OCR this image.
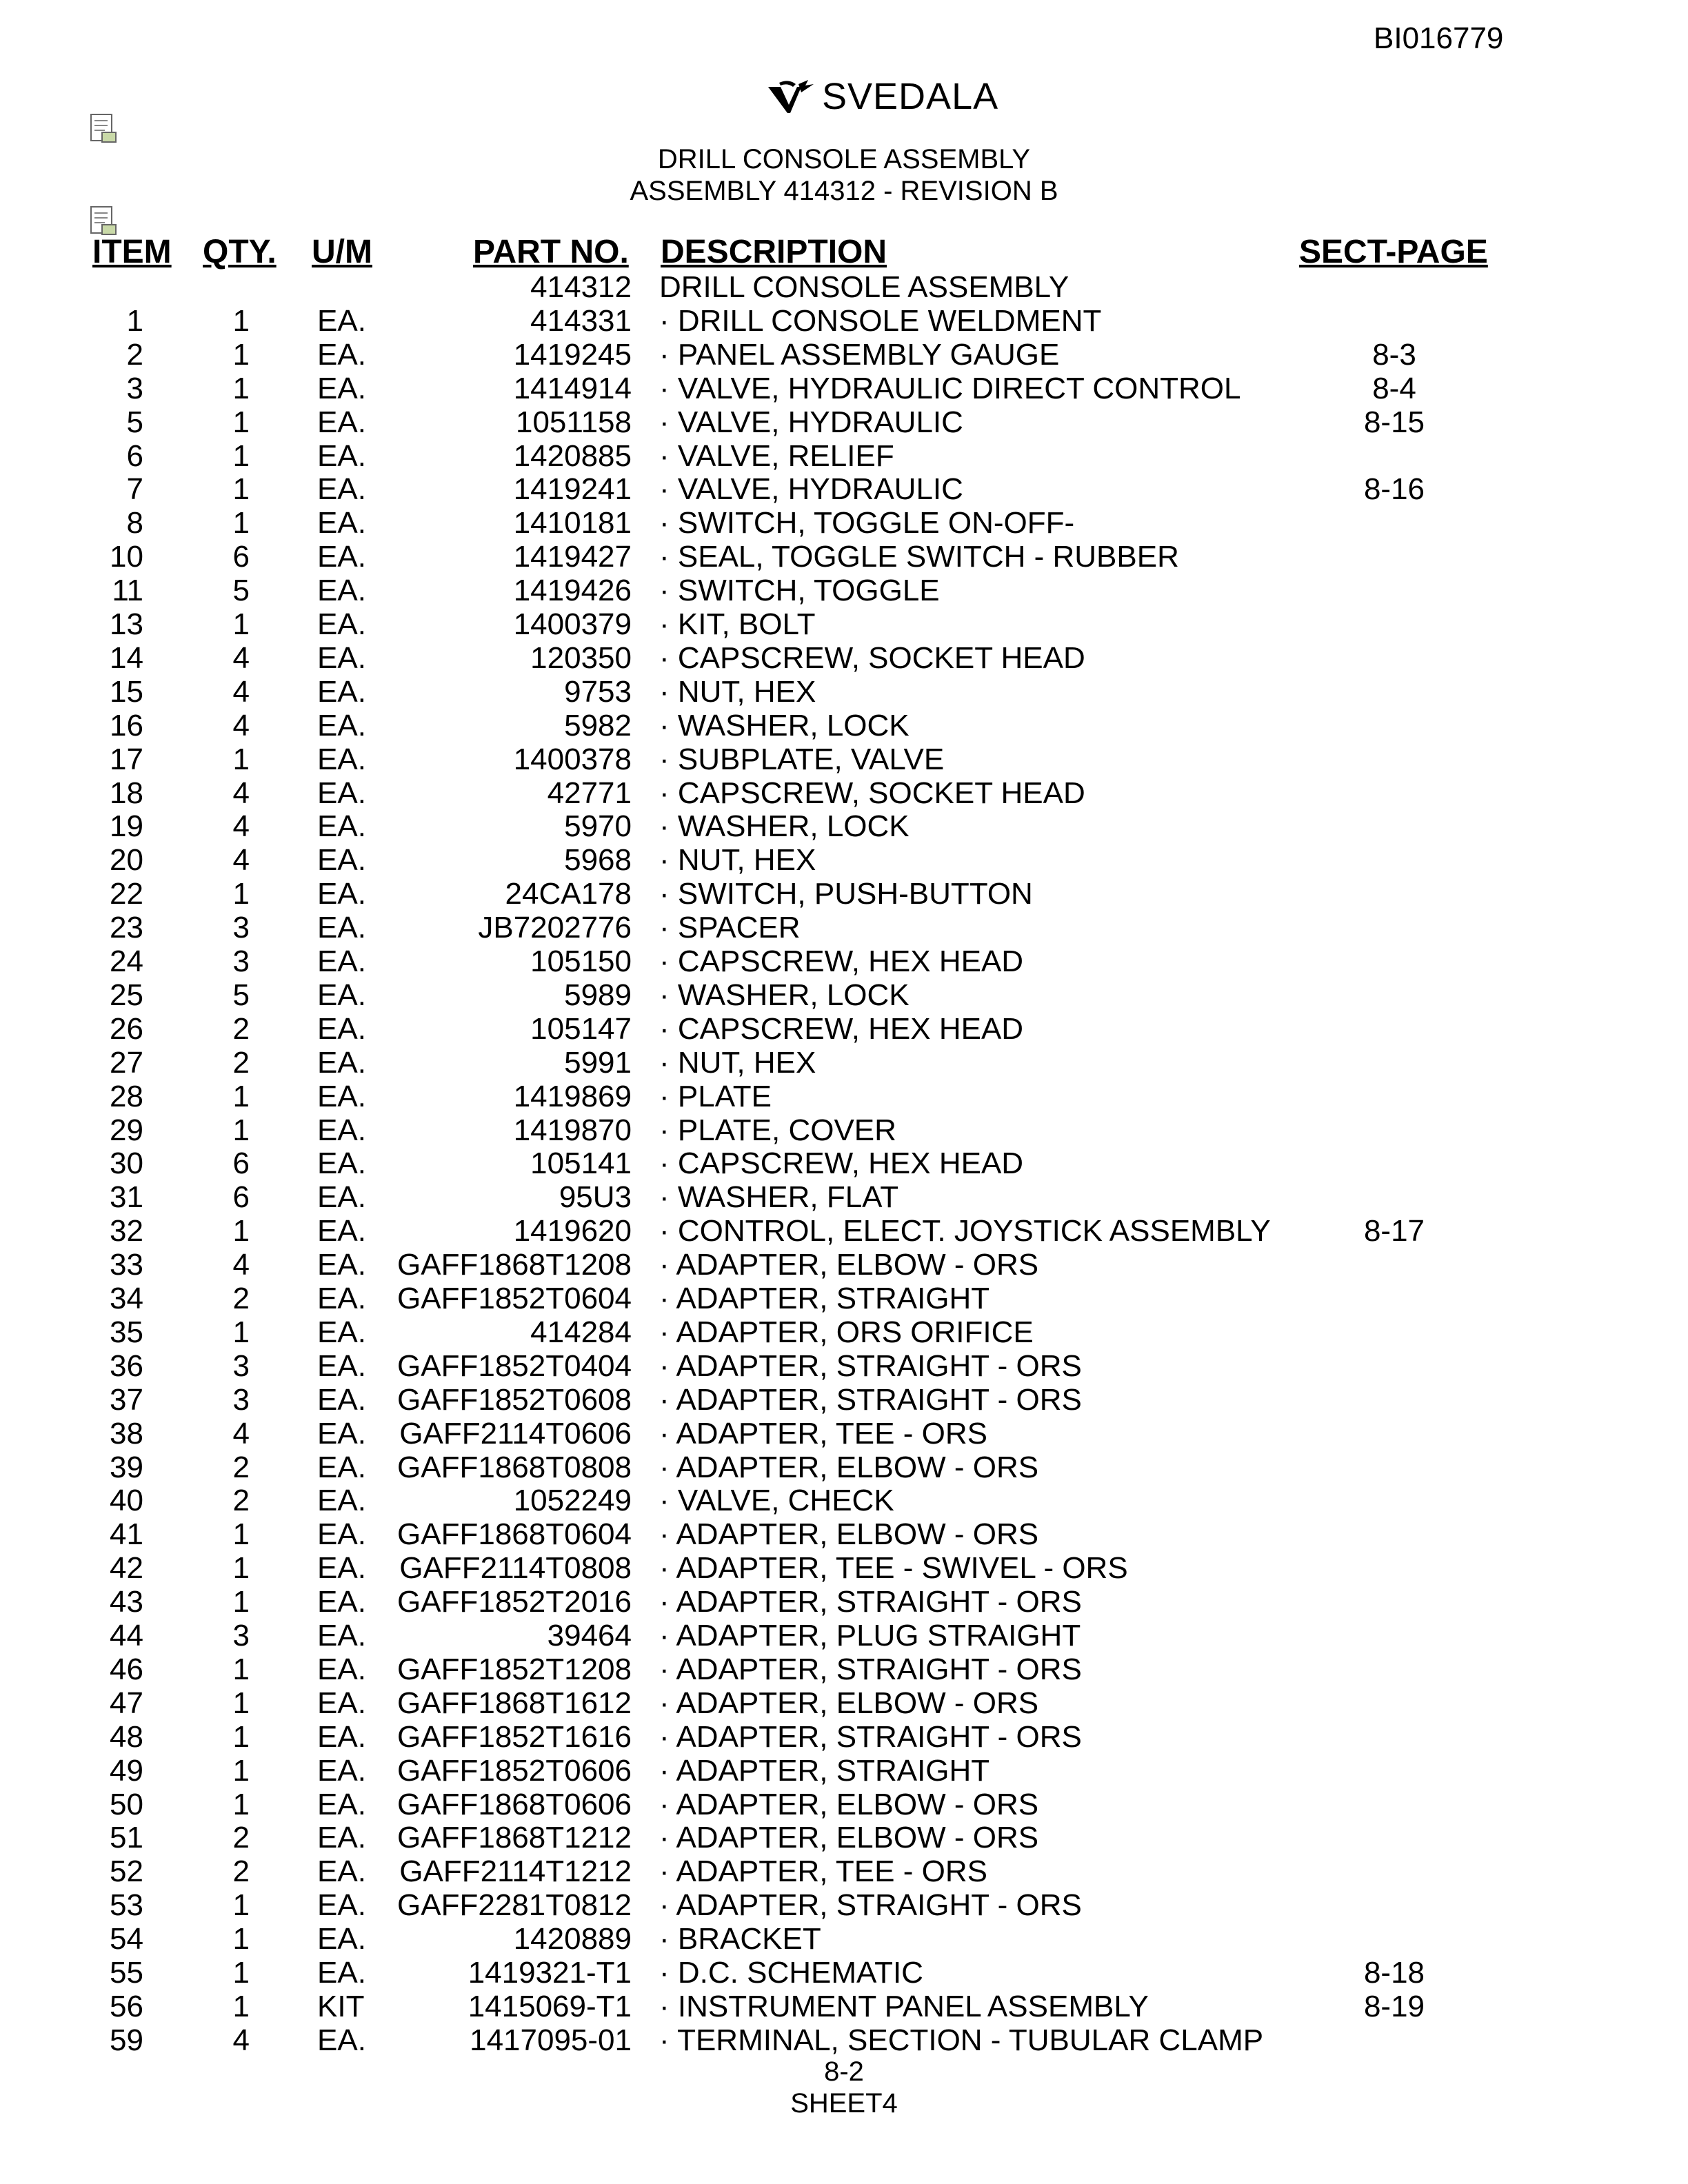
BI016779
SVEDALA
DRILL CONSOLE ASSEMBLY
ASSEMBLY 414312 - REVISION B
ITEM QTY. U/M	PART NO. DESCRIPTION	SECT-PAGE
414312 DRILL CONSOLE ASSEMBLY
1	1 EA.	414331 · DRILL CONSOLE WELDMENT
2	1 EA.	1419245 · PANEL ASSEMBLY GAUGE	8-3
3	1 EA.	1414914 · VALVE, HYDRAULIC DIRECT CONTROL	8-4
5	1 EA.	1051158 · VALVE, HYDRAULIC	8-15
6	1 EA.	1420885 · VALVE, RELIEF
7	1 EA.	1419241 · VALVE, HYDRAULIC	8-16
8	1 EA.	1410181 · SWITCH, TOGGLE ON-OFF-
10	6 EA.	1419427 · SEAL, TOGGLE SWITCH - RUBBER
11	5 EA.	1419426 · SWITCH, TOGGLE
13	1 EA.	1400379 · KIT, BOLT
14	4 EA.	120350 · CAPSCREW, SOCKET HEAD
15	4 EA.	9753 · NUT, HEX
16	4 EA.	5982 · WASHER, LOCK
17	1 EA.	1400378 · SUBPLATE, VALVE
18	4 EA.	42771 · CAPSCREW, SOCKET HEAD
19	4 EA.	5970 · WASHER, LOCK
20	4 EA.	5968 · NUT, HEX
22	1 EA.	24CA178 · SWITCH, PUSH-BUTTON
23	3 EA.	JB7202776 · SPACER
24	3 EA.	105150 · CAPSCREW, HEX HEAD
25	5 EA.	5989 · WASHER, LOCK
26	2 EA.	105147 · CAPSCREW, HEX HEAD
27	2 EA.	5991 · NUT, HEX
28	1 EA.	1419869 · PLATE
29	1 EA.	1419870 · PLATE, COVER
30	6 EA.	105141 · CAPSCREW, HEX HEAD
31	6 EA.	95U3 · WASHER, FLAT
32	1 EA.	1419620 · CONTROL, ELECT. JOYSTICK ASSEMBLY	8-17
33	4 EA. GAFF1868T1208 · ADAPTER, ELBOW - ORS
34	2 EA. GAFF1852T0604 · ADAPTER, STRAIGHT
35	1 EA.	414284 · ADAPTER, ORS ORIFICE
36	3 EA. GAFF1852T0404 · ADAPTER, STRAIGHT - ORS
37	3 EA. GAFF1852T0608 · ADAPTER, STRAIGHT - ORS
38	4 EA. GAFF2114T0606 · ADAPTER, TEE - ORS
39	2 EA. GAFF1868T0808 · ADAPTER, ELBOW - ORS
40	2 EA.	1052249 · VALVE, CHECK
41	1 EA. GAFF1868T0604 · ADAPTER, ELBOW - ORS
42	1 EA. GAFF2114T0808 · ADAPTER, TEE - SWIVEL - ORS
43	1 EA. GAFF1852T2016 · ADAPTER, STRAIGHT - ORS
44	3 EA.	39464 · ADAPTER, PLUG STRAIGHT
46	1 EA. GAFF1852T1208 · ADAPTER, STRAIGHT - ORS
47	1 EA. GAFF1868T1612 · ADAPTER, ELBOW - ORS
48	1 EA. GAFF1852T1616 · ADAPTER, STRAIGHT - ORS
49	1 EA. GAFF1852T0606 · ADAPTER, STRAIGHT
50	1 EA. GAFF1868T0606 · ADAPTER, ELBOW - ORS
51	2 EA. GAFF1868T1212 · ADAPTER, ELBOW - ORS
52	2 EA. GAFF2114T1212 · ADAPTER, TEE - ORS
53	1 EA. GAFF2281T0812 · ADAPTER, STRAIGHT - ORS
54	1 EA.	1420889 · BRACKET
55	1 EA.	1419321-T1 · D.C. SCHEMATIC	8-18
56	1 KIT	1415069-T1 · INSTRUMENT PANEL ASSEMBLY	8-19
59	4 EA.	1417095-01 · TERMINAL, SECTION - TUBULAR CLAMP
8-2
SHEET4
